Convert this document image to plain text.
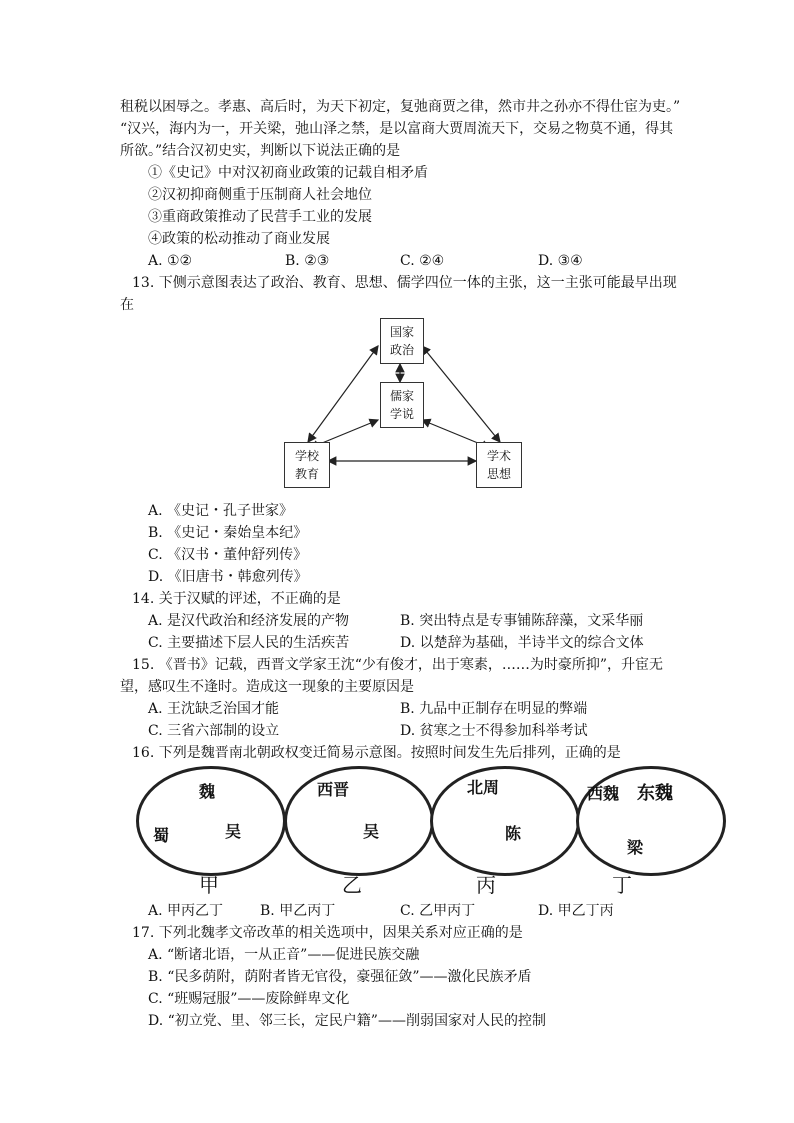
租税以困辱之。孝惠、高后时，为天下初定，复弛商贾之律，然市井之孙亦不得仕宦为吏。”
“汉兴，海内为一，开关梁，弛山泽之禁，是以富商大贾周流天下，交易之物莫不通，得其
所欲。”结合汉初史实，判断以下说法正确的是
①《史记》中对汉初商业政策的记载自相矛盾
②汉初抑商侧重于压制商人社会地位
③重商政策推动了民营手工业的发展
④政策的松动推动了商业发展
A. ①②	B. ②③	C. ②④	D. ③④
13. 下侧示意图表达了政治、教育、思想、儒学四位一体的主张，这一主张可能最早出现
在
国家
政治
儒家
学说
学校
教育
学术
思想
A. 《史记・孔子世家》
B. 《史记・秦始皇本纪》
C. 《汉书・董仲舒列传》
D. 《旧唐书・韩愈列传》
14. 关于汉赋的评述，不正确的是
A. 是汉代政治和经济发展的产物	B. 突出特点是专事铺陈辞藻，文采华丽
C. 主要描述下层人民的生活疾苦	D. 以楚辞为基础，半诗半文的综合文体
15. 《晋书》记载，西晋文学家王沈“少有俊才，出于寒素，……为时豪所抑”，升宦无
望，感叹生不逢时。造成这一现象的主要原因是
A. 王沈缺乏治国才能	B. 九品中正制存在明显的弊端
C. 三省六部制的设立	D. 贫寒之士不得参加科举考试
16. 下列是魏晋南北朝政权变迁简易示意图。按照时间发生先后排列，正确的是
魏
蜀	吴
甲
西晋
吴
乙
北周
陈
丙
西魏 东魏
梁
丁
A. 甲丙乙丁	B. 甲乙丙丁	C. 乙甲丙丁	D. 甲乙丁丙
17. 下列北魏孝文帝改革的相关选项中，因果关系对应正确的是
A. “断诸北语，一从正音”——促进民族交融
B. “民多荫附，荫附者皆无官役，豪强征敛”——激化民族矛盾
C. “班赐冠服”——废除鲜卑文化
D. “初立党、里、邻三长，定民户籍”——削弱国家对人民的控制
